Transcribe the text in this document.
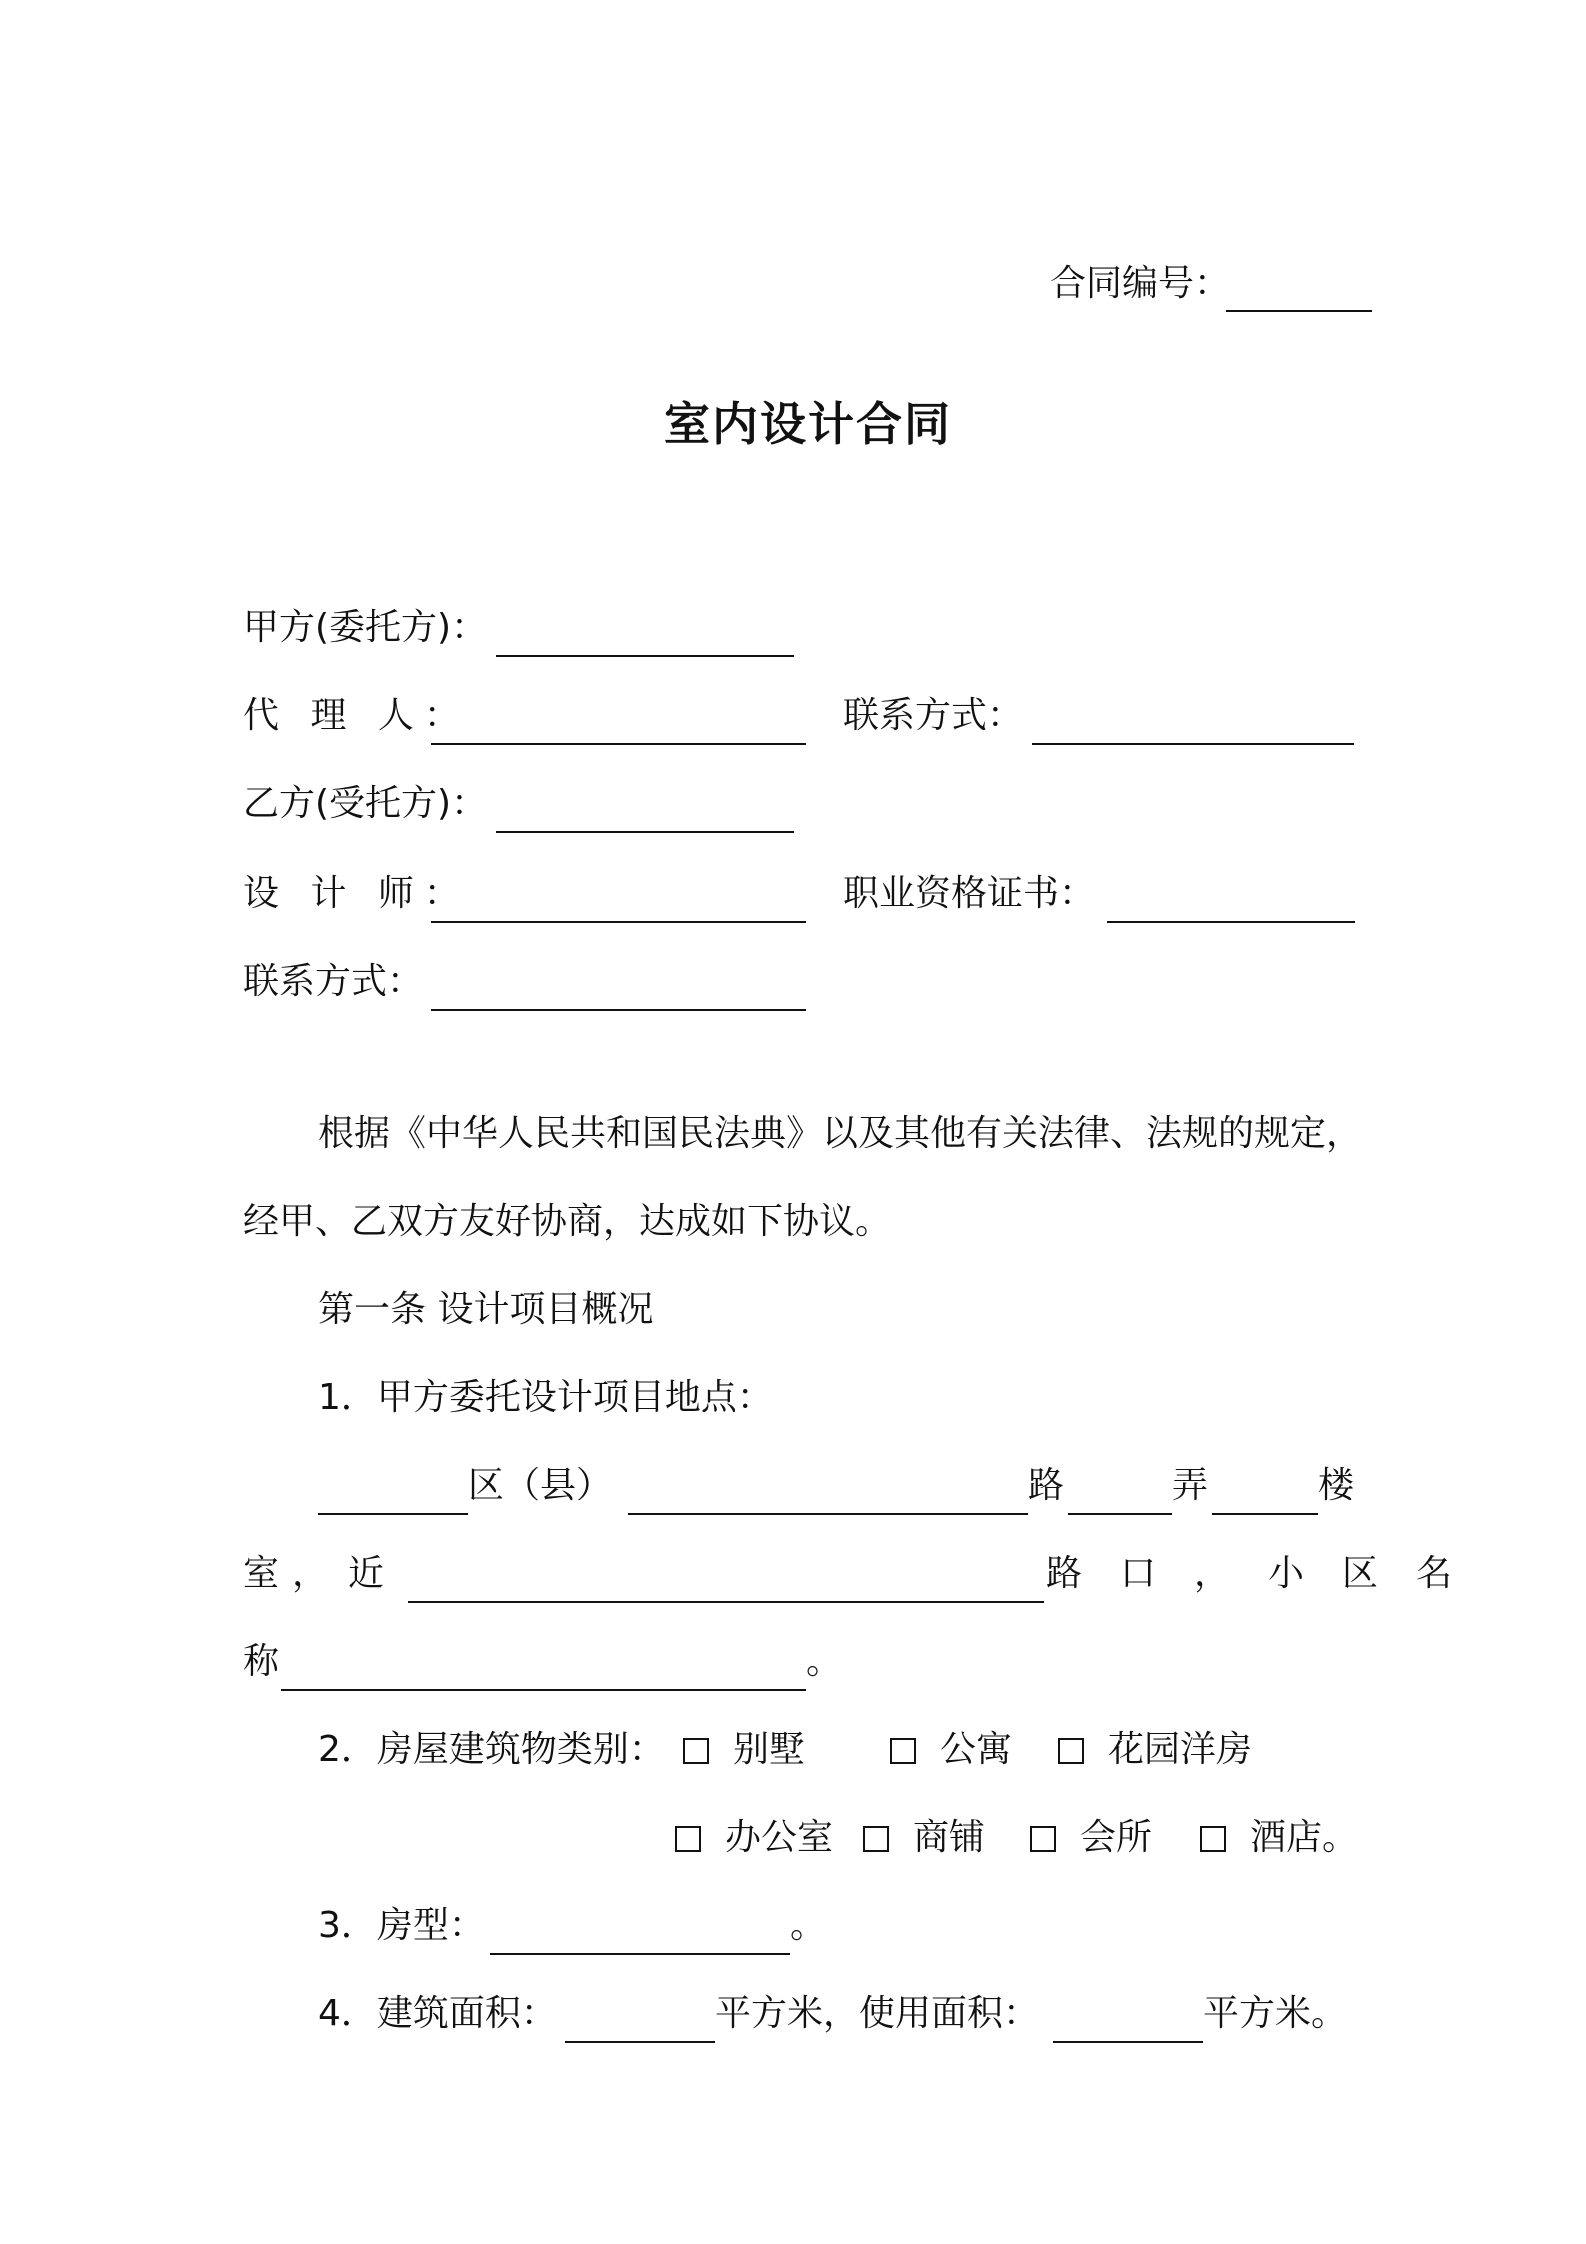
合同编号：
室内设计合同
甲方(委托方)：
代 理 人：	联系方式：
乙方(受托方)：
设 计 师：	职业资格证书：
联系方式：
根据《中华人民共和国民法典》以及其他有关法律、法规的规定，
经甲、乙双方友好协商，达成如下协议。
第一条 设计项目概况
1．甲方委托设计项目地点：
区（县）	路	弄	楼
室 ， 近	路口，小区名
称	。
2．房屋建筑物类别： 别墅	公寓	花园洋房
办公室 商铺	会所	酒店。
3．房型：	。
4．建筑面积：	平方米，使用面积：	平方米。
